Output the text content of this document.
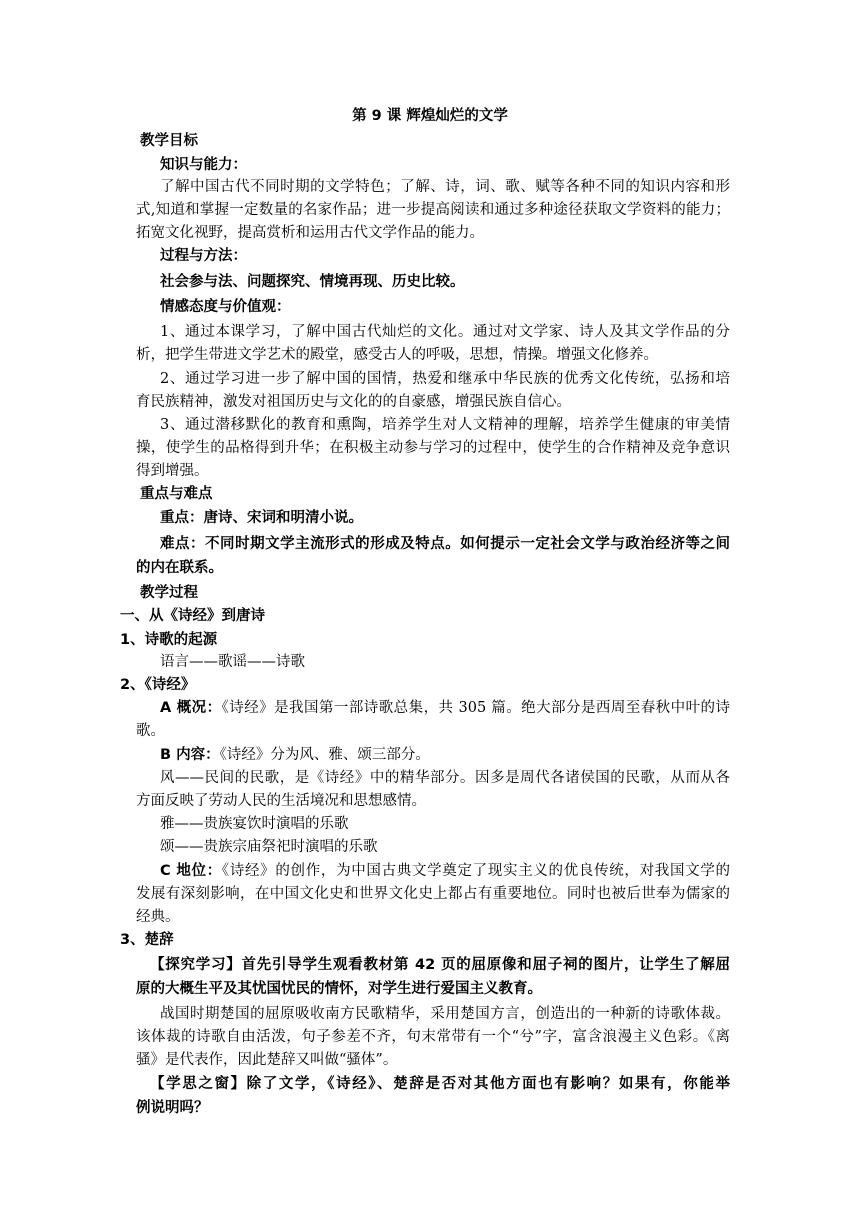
第 9 课 辉煌灿烂的文学
教学目标
知识与能力：
了解中国古代不同时期的文学特色；了解、诗，词、歌、赋等各种不同的知识内容和形
式,知道和掌握一定数量的名家作品；进一步提高阅读和通过多种途径获取文学资料的能力；
拓宽文化视野，提高赏析和运用古代文学作品的能力。
过程与方法：
社会参与法、问题探究、情境再现、历史比较。
情感态度与价值观：
1、通过本课学习，了解中国古代灿烂的文化。通过对文学家、诗人及其文学作品的分
析，把学生带进文学艺术的殿堂，感受古人的呼吸，思想，情操。增强文化修养。
2、通过学习进一步了解中国的国情，热爱和继承中华民族的优秀文化传统，弘扬和培
育民族精神，激发对祖国历史与文化的的自豪感，增强民族自信心。
3、通过潜移默化的教育和熏陶，培养学生对人文精神的理解，培养学生健康的审美情
操，使学生的品格得到升华；在积极主动参与学习的过程中，使学生的合作精神及竞争意识
得到增强。
重点与难点
重点：唐诗、宋词和明清小说。
难点：不同时期文学主流形式的形成及特点。如何提示一定社会文学与政治经济等之间
的内在联系。
教学过程
一、从《诗经》到唐诗
1、诗歌的起源
语言——歌谣——诗歌
2、《诗经》
A 概况：《诗经》是我国第一部诗歌总集，共 305 篇。绝大部分是西周至春秋中叶的诗
歌。
B 内容：《诗经》分为风、雅、颂三部分。
风——民间的民歌，是《诗经》中的精华部分。因多是周代各诸侯国的民歌，从而从各
方面反映了劳动人民的生活境况和思想感情。
雅——贵族宴饮时演唱的乐歌
颂——贵族宗庙祭祀时演唱的乐歌
C 地位：《诗经》的创作，为中国古典文学奠定了现实主义的优良传统，对我国文学的
发展有深刻影响，在中国文化史和世界文化史上都占有重要地位。同时也被后世奉为儒家的
经典。
3、楚辞
【探究学习】首先引导学生观看教材第 42 页的屈原像和屈子祠的图片，让学生了解屈
原的大概生平及其忧国忧民的情怀，对学生进行爱国主义教育。
战国时期楚国的屈原吸收南方民歌精华，采用楚国方言，创造出的一种新的诗歌体裁。
该体裁的诗歌自由活泼，句子参差不齐，句末常带有一个“兮”字，富含浪漫主义色彩。《离
骚》是代表作，因此楚辞又叫做“骚体”。
【学思之窗】除了文学，《诗经》、楚辞是否对其他方面也有影响？如果有，你能举
例说明吗？
